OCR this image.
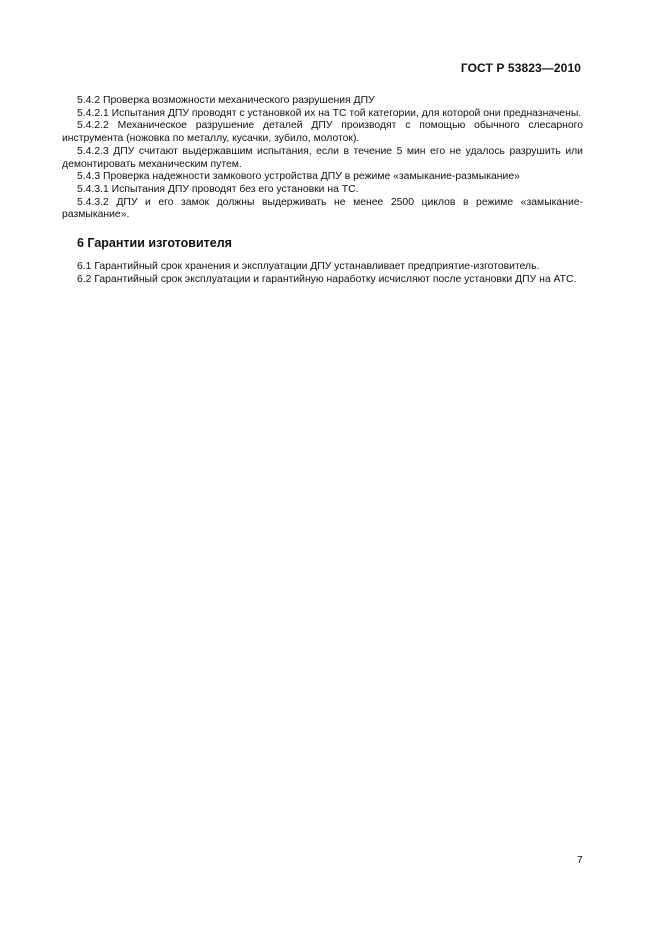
ГОСТ Р 53823—2010

5.4.2 Проверка возможности механического разрушения ДПУ

5.4.2.1 Испытания ДПУ проводят с установкой их на ТС той категории, для которой они предназначены.

5.4.2.2 Механическое разрушение деталей ДПУ производят с помощью обычного слесарного инструмента (ножовка по металлу, кусачки, зубило, молоток).

5.4.2.3 ДПУ считают выдержавшим испытания, если в течение 5 мин его не удалось разрушить или демонтировать механическим путем.

5.4.3 Проверка надежности замкового устройства ДПУ в режиме «замыкание-размыкание»

5.4.3.1 Испытания ДПУ проводят без его установки на ТС.

5.4.3.2 ДПУ и его замок должны выдерживать не менее 2500 циклов в режиме «замыкание-размыкание».

6 Гарантии изготовителя

6.1 Гарантийный срок хранения и эксплуатации ДПУ устанавливает предприятие-изготовитель.

6.2 Гарантийный срок эксплуатации и гарантийную наработку исчисляют после установки ДПУ на АТС.

7
